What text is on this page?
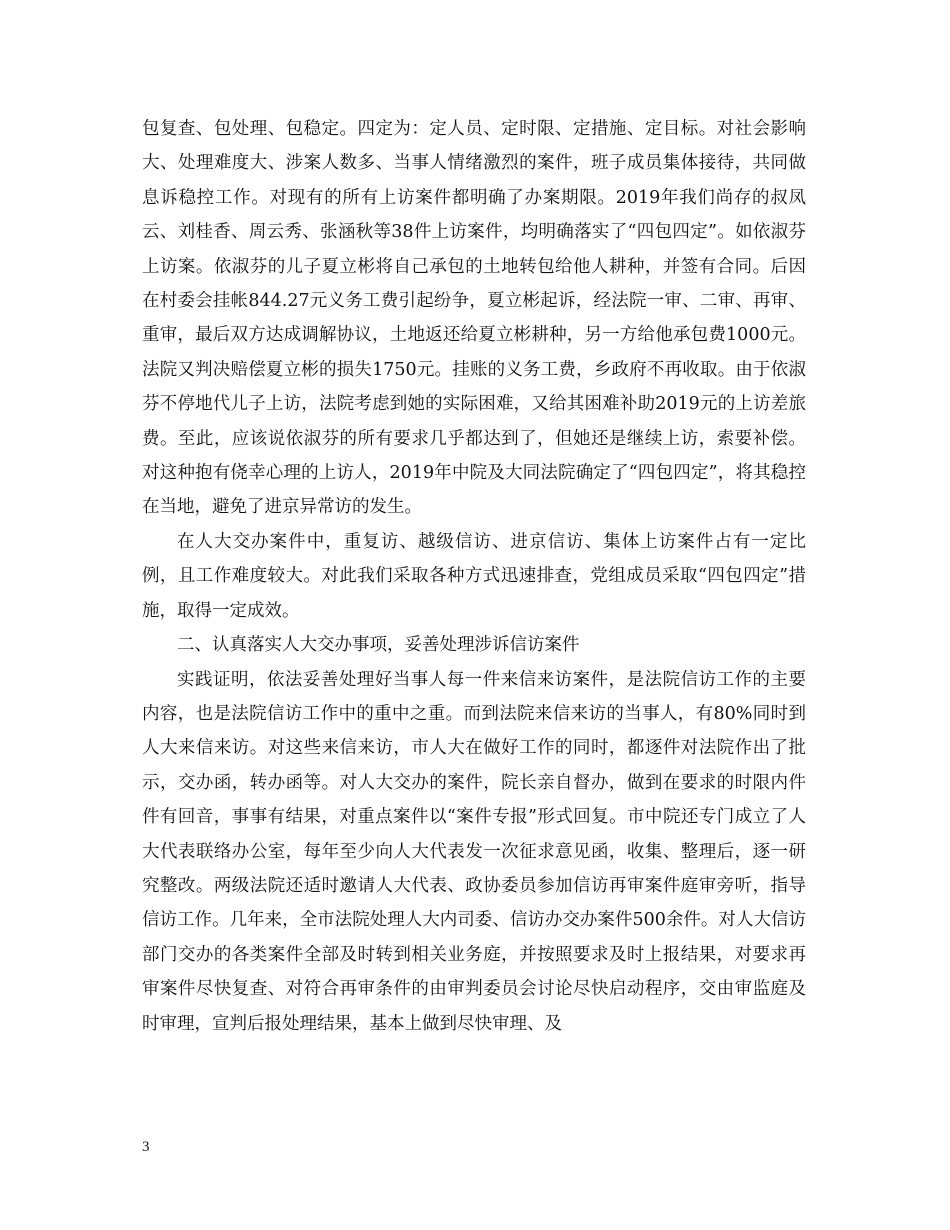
包复查、包处理、包稳定。四定为：定人员、定时限、定措施、定目标。对社会影响大、处理难度大、涉案人数多、当事人情绪激烈的案件，班子成员集体接待，共同做息诉稳控工作。对现有的所有上访案件都明确了办案期限。2019年我们尚存的叔凤云、刘桂香、周云秀、张涵秋等38件上访案件，均明确落实了“四包四定”。如依淑芬上访案。依淑芬的儿子夏立彬将自己承包的土地转包给他人耕种，并签有合同。后因在村委会挂帐844.27元义务工费引起纷争，夏立彬起诉，经法院一审、二审、再审、重审，最后双方达成调解协议，土地返还给夏立彬耕种，另一方给他承包费1000元。法院又判决赔偿夏立彬的损失1750元。挂账的义务工费，乡政府不再收取。由于依淑芬不停地代儿子上访，法院考虑到她的实际困难，又给其困难补助2019元的上访差旅费。至此，应该说依淑芬的所有要求几乎都达到了，但她还是继续上访，索要补偿。对这种抱有侥幸心理的上访人，2019年中院及大同法院确定了“四包四定”，将其稳控在当地，避免了进京异常访的发生。

在人大交办案件中，重复访、越级信访、进京信访、集体上访案件占有一定比例，且工作难度较大。对此我们采取各种方式迅速排查，党组成员采取“四包四定”措施，取得一定成效。

二、认真落实人大交办事项，妥善处理涉诉信访案件

实践证明，依法妥善处理好当事人每一件来信来访案件，是法院信访工作的主要内容，也是法院信访工作中的重中之重。而到法院来信来访的当事人，有80%同时到人大来信来访。对这些来信来访，市人大在做好工作的同时，都逐件对法院作出了批示，交办函，转办函等。对人大交办的案件，院长亲自督办，做到在要求的时限内件件有回音，事事有结果，对重点案件以“案件专报”形式回复。市中院还专门成立了人大代表联络办公室，每年至少向人大代表发一次征求意见函，收集、整理后，逐一研究整改。两级法院还适时邀请人大代表、政协委员参加信访再审案件庭审旁听，指导信访工作。几年来，全市法院处理人大内司委、信访办交办案件500余件。对人大信访部门交办的各类案件全部及时转到相关业务庭，并按照要求及时上报结果，对要求再审案件尽快复查、对符合再审条件的由审判委员会讨论尽快启动程序，交由审监庭及时审理，宣判后报处理结果，基本上做到尽快审理、及

3
